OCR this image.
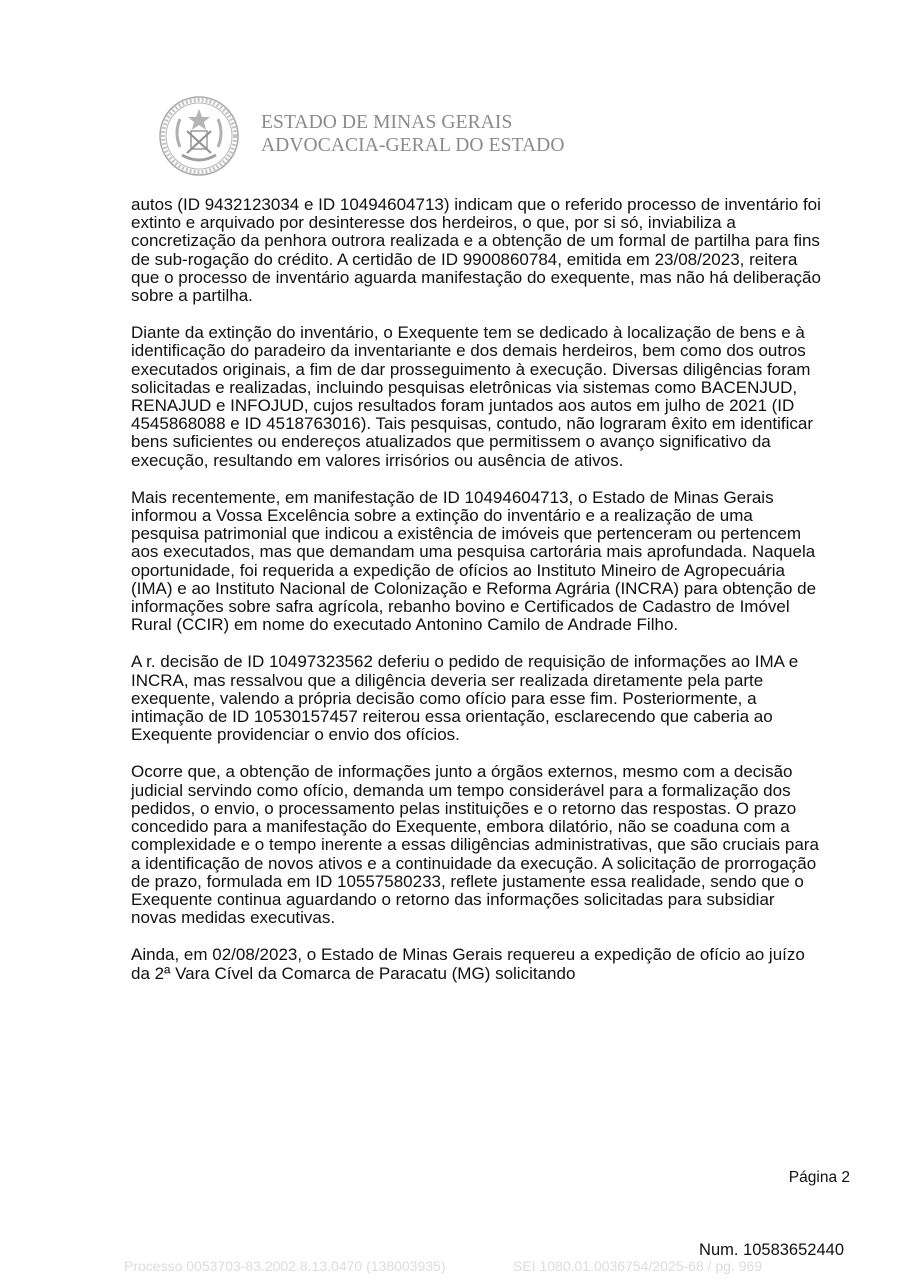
ESTADO DE MINAS GERAIS
ADVOCACIA-GERAL DO ESTADO

autos (ID 9432123034 e ID 10494604713) indicam que o referido processo de inventário foi extinto e arquivado por desinteresse dos herdeiros, o que, por si só, inviabiliza a concretização da penhora outrora realizada e a obtenção de um formal de partilha para fins de sub-rogação do crédito. A certidão de ID 9900860784, emitida em 23/08/2023, reitera que o processo de inventário aguarda manifestação do exequente, mas não há deliberação sobre a partilha.

Diante da extinção do inventário, o Exequente tem se dedicado à localização de bens e à identificação do paradeiro da inventariante e dos demais herdeiros, bem como dos outros executados originais, a fim de dar prosseguimento à execução. Diversas diligências foram solicitadas e realizadas, incluindo pesquisas eletrônicas via sistemas como BACENJUD, RENAJUD e INFOJUD, cujos resultados foram juntados aos autos em julho de 2021 (ID 4545868088 e ID 4518763016). Tais pesquisas, contudo, não lograram êxito em identificar bens suficientes ou endereços atualizados que permitissem o avanço significativo da execução, resultando em valores irrisórios ou ausência de ativos.

Mais recentemente, em manifestação de ID 10494604713, o Estado de Minas Gerais informou a Vossa Excelência sobre a extinção do inventário e a realização de uma pesquisa patrimonial que indicou a existência de imóveis que pertenceram ou pertencem aos executados, mas que demandam uma pesquisa cartorária mais aprofundada. Naquela oportunidade, foi requerida a expedição de ofícios ao Instituto Mineiro de Agropecuária (IMA) e ao Instituto Nacional de Colonização e Reforma Agrária (INCRA) para obtenção de informações sobre safra agrícola, rebanho bovino e Certificados de Cadastro de Imóvel Rural (CCIR) em nome do executado Antonino Camilo de Andrade Filho.

A r. decisão de ID 10497323562 deferiu o pedido de requisição de informações ao IMA e INCRA, mas ressalvou que a diligência deveria ser realizada diretamente pela parte exequente, valendo a própria decisão como ofício para esse fim. Posteriormente, a intimação de ID 10530157457 reiterou essa orientação, esclarecendo que caberia ao Exequente providenciar o envio dos ofícios.

Ocorre que, a obtenção de informações junto a órgãos externos, mesmo com a decisão judicial servindo como ofício, demanda um tempo considerável para a formalização dos pedidos, o envio, o processamento pelas instituições e o retorno das respostas. O prazo concedido para a manifestação do Exequente, embora dilatório, não se coaduna com a complexidade e o tempo inerente a essas diligências administrativas, que são cruciais para a identificação de novos ativos e a continuidade da execução. A solicitação de prorrogação de prazo, formulada em ID 10557580233, reflete justamente essa realidade, sendo que o Exequente continua aguardando o retorno das informações solicitadas para subsidiar novas medidas executivas.

Ainda, em 02/08/2023, o Estado de Minas Gerais requereu a expedição de ofício ao juízo da 2ª Vara Cível da Comarca de Paracatu (MG) solicitando

Página 2
Num. 10583652440
Processo 0053703-83.2002.8.13.0470 (138003935)	SEI 1080.01.0036754/2025-68 / pg. 969
